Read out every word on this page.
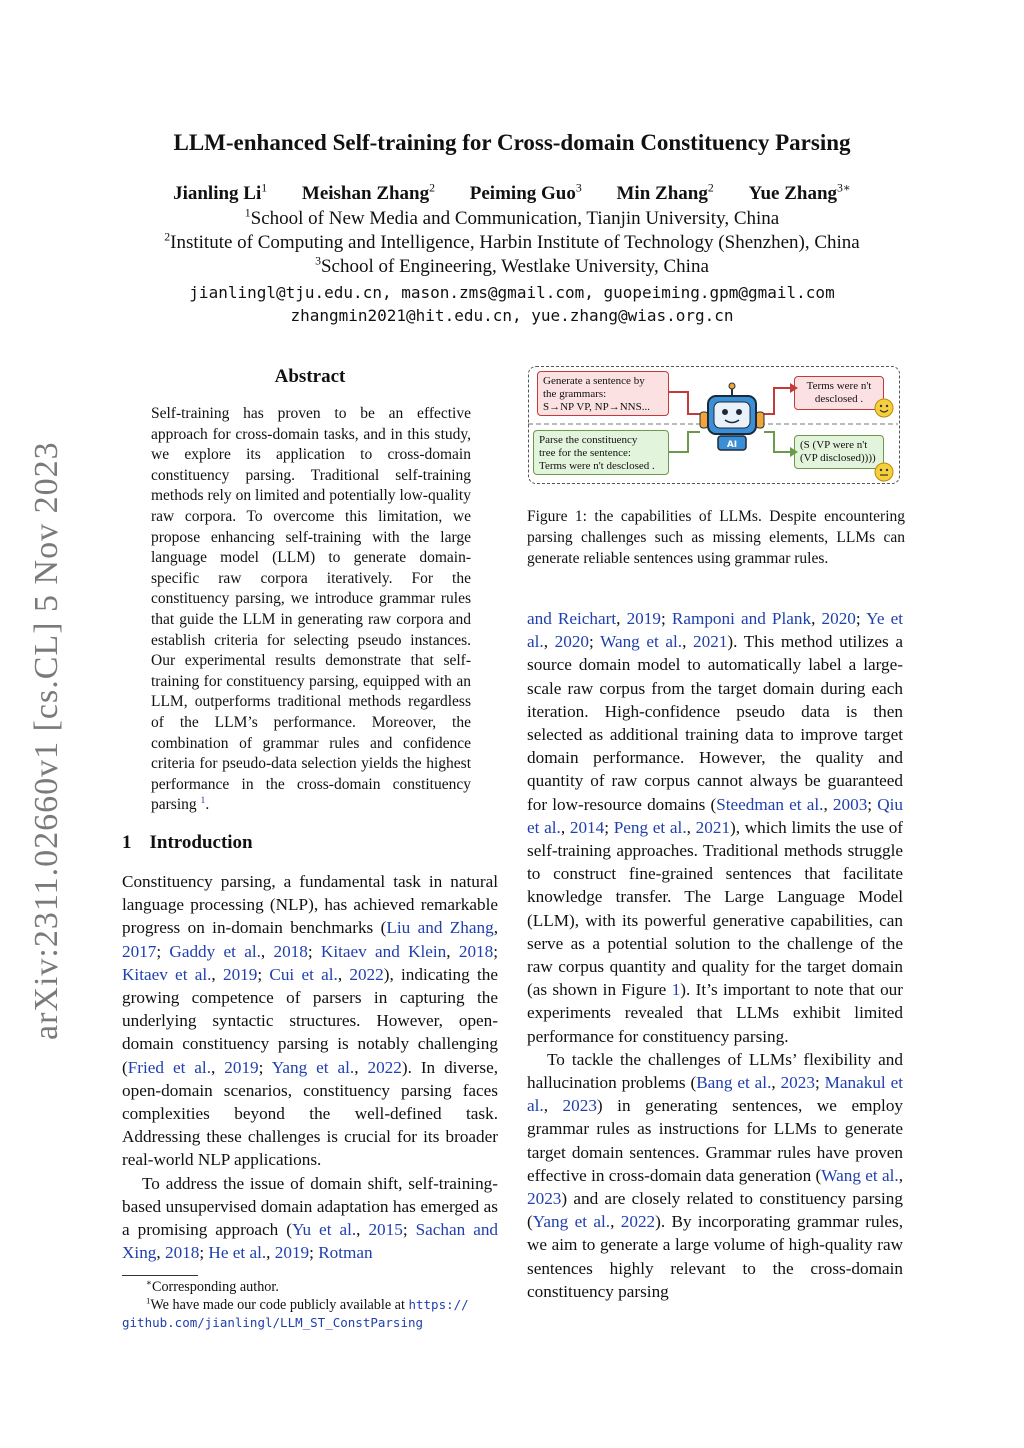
arXiv:2311.02660v1 [cs.CL] 5 Nov 2023
LLM-enhanced Self-training for Cross-domain Constituency Parsing
Jianling Li$^1$ Meishan Zhang$^2$ Peiming Guo$^3$ Min Zhang$^2$ Yue Zhang$^{3∗}$
$^1$School of New Media and Communication, Tianjin University, China
$^2$Institute of Computing and Intelligence, Harbin Institute of Technology (Shenzhen), China
$^3$School of Engineering, Westlake University, China
jianlingl@tju.edu.cn, mason.zms@gmail.com, guopeiming.gpm@gmail.com
zhangmin2021@hit.edu.cn, yue.zhang@wias.org.cn
Abstract
Self-training has proven to be an effective approach for cross-domain tasks, and in this study, we explore its application to cross-domain constituency parsing. Traditional self-training methods rely on limited and potentially low-quality raw corpora. To overcome this limitation, we propose enhancing self-training with the large language model (LLM) to generate domain-specific raw corpora iteratively. For the constituency parsing, we introduce grammar rules that guide the LLM in generating raw corpora and establish criteria for selecting pseudo instances. Our experimental results demonstrate that self-training for constituency parsing, equipped with an LLM, outperforms traditional methods regardless of the LLM’s performance. Moreover, the combination of grammar rules and confidence criteria for pseudo-data selection yields the highest performance in the cross-domain constituency parsing $^1$.
1 Introduction

Constituency parsing, a fundamental task in natural language processing (NLP), has achieved remarkable progress on in-domain benchmarks (Liu and Zhang, 2017; Gaddy et al., 2018; Kitaev and Klein, 2018; Kitaev et al., 2019; Cui et al., 2022), indicating the growing competence of parsers in capturing the underlying syntactic structures. However, open-domain constituency parsing is notably challenging (Fried et al., 2019; Yang et al., 2022). In diverse, open-domain scenarios, constituency parsing faces complexities beyond the well-defined task. Addressing these challenges is crucial for its broader real-world NLP applications.

To address the issue of domain shift, self-training-based unsupervised domain adaptation has emerged as a promising approach (Yu et al., 2015; Sachan and Xing, 2018; He et al., 2019; Rotman

Generate a sentence by
the grammars:
S→NP VP, NP→NNS...
Terms were n't
desclosed .
Parse the constituency
tree for the sentence:
Terms were n't desclosed .
(S (VP were n't
(VP disclosed))))
AI
Figure 1: the capabilities of LLMs. Despite encountering parsing challenges such as missing elements, LLMs can generate reliable sentences using grammar rules.

and Reichart, 2019; Ramponi and Plank, 2020; Ye et al., 2020; Wang et al., 2021). This method utilizes a source domain model to automatically label a large-scale raw corpus from the target domain during each iteration. High-confidence pseudo data is then selected as additional training data to improve target domain performance. However, the quality and quantity of raw corpus cannot always be guaranteed for low-resource domains (Steedman et al., 2003; Qiu et al., 2014; Peng et al., 2021), which limits the use of self-training approaches. Traditional methods struggle to construct fine-grained sentences that facilitate knowledge transfer. The Large Language Model (LLM), with its powerful generative capabilities, can serve as a potential solution to the challenge of the raw corpus quantity and quality for the target domain (as shown in Figure 1). It’s important to note that our experiments revealed that LLMs exhibit limited performance for constituency parsing.

To tackle the challenges of LLMs’ flexibility and hallucination problems (Bang et al., 2023; Manakul et al., 2023) in generating sentences, we employ grammar rules as instructions for LLMs to generate target domain sentences. Grammar rules have proven effective in cross-domain data generation (Wang et al., 2023) and are closely related to constituency parsing (Yang et al., 2022). By incorporating grammar rules, we aim to generate a large volume of high-quality raw sentences highly relevant to the cross-domain constituency parsing

∗Corresponding author.
$^1$We have made our code publicly available at https:// github.com/jianlingl/LLM_ST_ConstParsing
